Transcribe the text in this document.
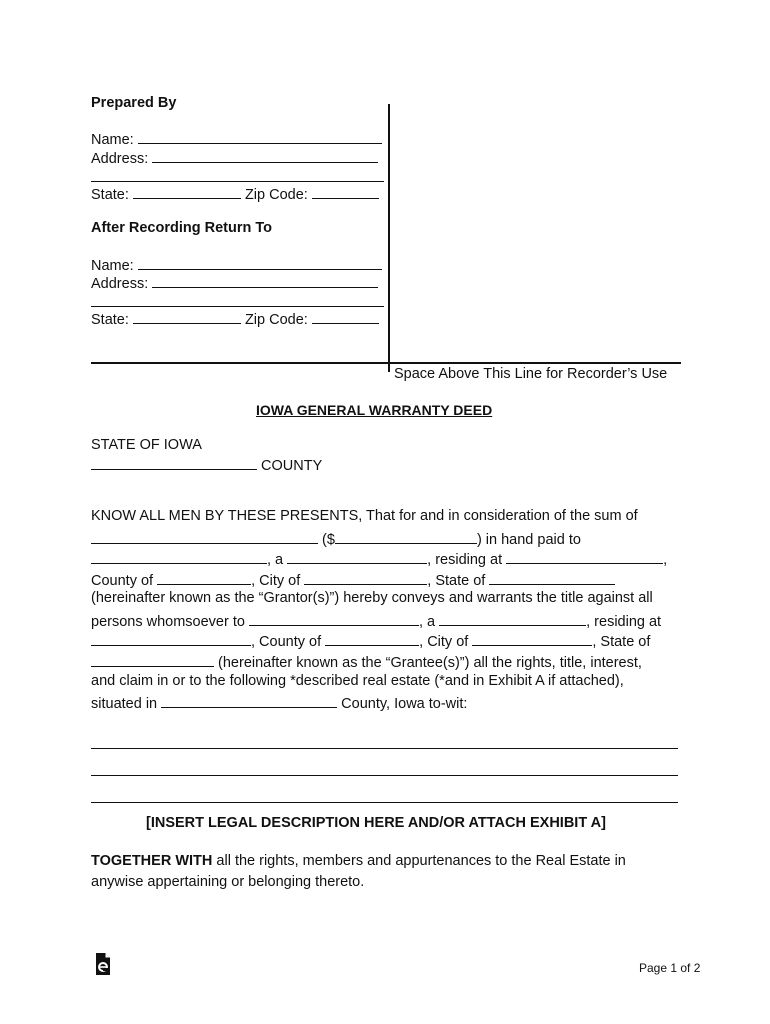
Prepared By
Name:
Address:
State:	Zip Code:
After Recording Return To
Name:
Address:
State:	Zip Code:
Space Above This Line for Recorder’s Use
IOWA GENERAL WARRANTY DEED
STATE OF IOWA
COUNTY
KNOW ALL MEN BY THESE PRESENTS, That for and in consideration of the sum of
($	) in hand paid to
, a	, residing at	,
County of	, City of	, State of
(hereinafter known as the “Grantor(s)”) hereby conveys and warrants the title against all
persons whomsoever to	, a	, residing at
, County of	, City of	, State of
(hereinafter known as the “Grantee(s)”) all the rights, title, interest,
and claim in or to the following *described real estate (*and in Exhibit A if attached),
situated in	County, Iowa to-wit:
[INSERT LEGAL DESCRIPTION HERE AND/OR ATTACH EXHIBIT A]
TOGETHER WITH all the rights, members and appurtenances to the Real Estate in
anywise appertaining or belonging thereto.
Page 1 of 2
